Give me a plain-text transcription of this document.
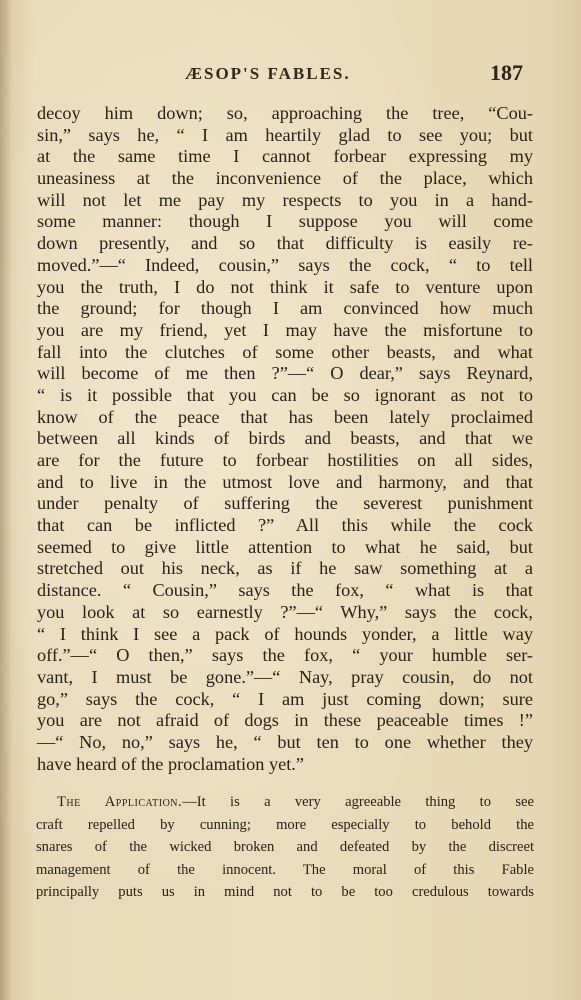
ÆSOP'S FABLES.	187
decoy him down; so, approaching the tree, “Cou-
sin,” says he, “ I am heartily glad to see you; but
at the same time I cannot forbear expressing my
uneasiness at the inconvenience of the place, which
will not let me pay my respects to you in a hand-
some manner: though I suppose you will come
down presently, and so that difficulty is easily re-
moved.”—“ Indeed, cousin,” says the cock, “ to tell
you the truth, I do not think it safe to venture upon
the ground; for though I am convinced how much
you are my friend, yet I may have the misfortune to
fall into the clutches of some other beasts, and what
will become of me then ?”—“ O dear,” says Reynard,
“ is it possible that you can be so ignorant as not to
know of the peace that has been lately proclaimed
between all kinds of birds and beasts, and that we
are for the future to forbear hostilities on all sides,
and to live in the utmost love and harmony, and that
under penalty of suffering the severest punishment
that can be inflicted ?” All this while the cock
seemed to give little attention to what he said, but
stretched out his neck, as if he saw something at a
distance. “ Cousin,” says the fox, “ what is that
you look at so earnestly ?”—“ Why,” says the cock,
“ I think I see a pack of hounds yonder, a little way
off.”—“ O then,” says the fox, “ your humble ser-
vant, I must be gone.”—“ Nay, pray cousin, do not
go,” says the cock, “ I am just coming down; sure
you are not afraid of dogs in these peaceable times !”
—“ No, no,” says he, “ but ten to one whether they
have heard of the proclamation yet.”
The Application.—It is a very agreeable thing to see
craft repelled by cunning; more especially to behold the
snares of the wicked broken and defeated by the discreet
management of the innocent. The moral of this Fable
principally puts us in mind not to be too credulous towards
